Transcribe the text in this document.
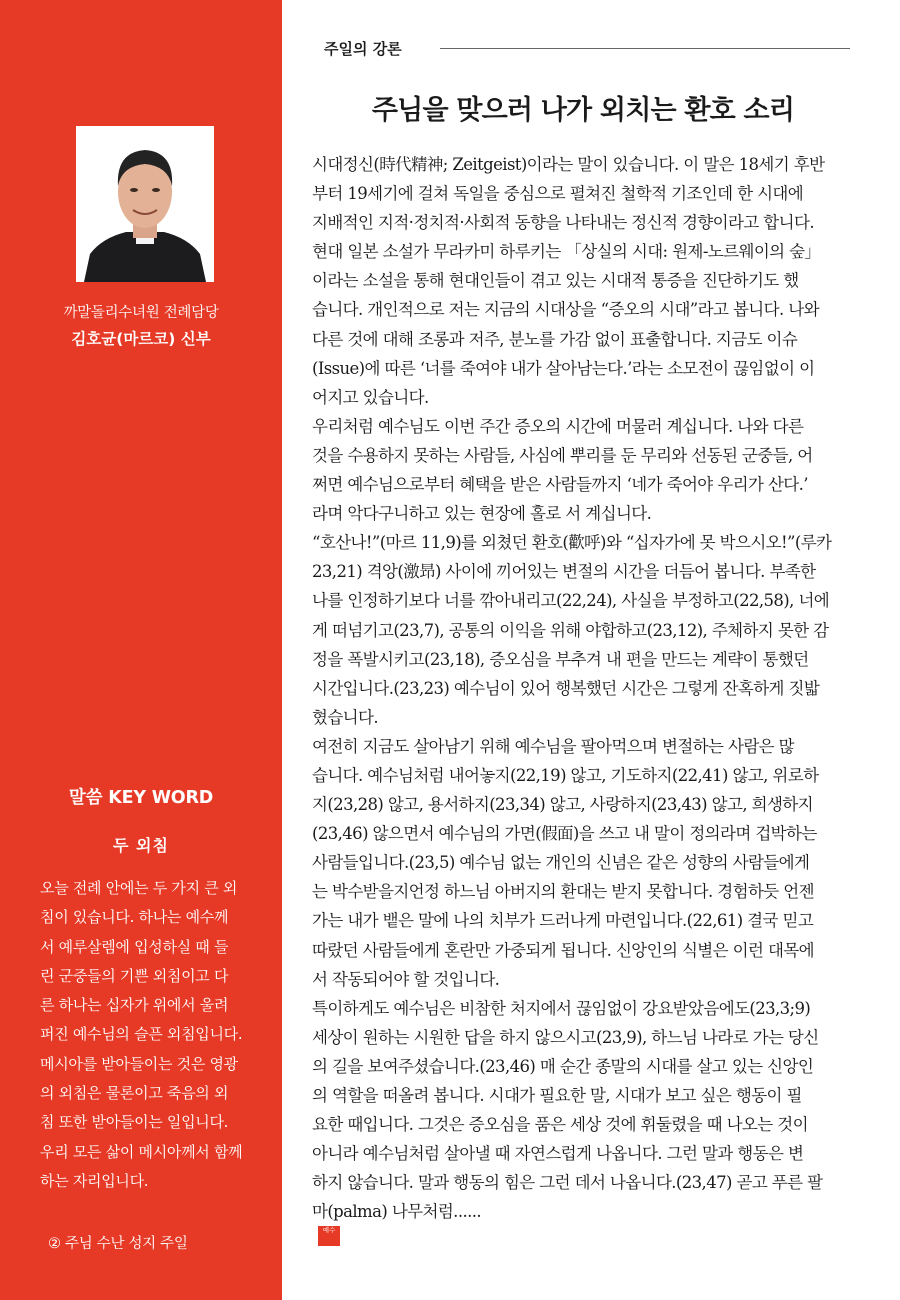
까말돌리수녀원 전례담당
김호균(마르코) 신부
말씀 KEY WORD
두 외침
오늘 전례 안에는 두 가지 큰 외
침이 있습니다. 하나는 예수께
서 예루살렘에 입성하실 때 들
린 군중들의 기쁜 외침이고 다
른 하나는 십자가 위에서 울려
퍼진 예수님의 슬픈 외침입니다.
메시아를 받아들이는 것은 영광
의 외침은 물론이고 죽음의 외
침 또한 받아들이는 일입니다.
우리 모든 삶이 메시아께서 함께
하는 자리입니다.
② 주님 수난 성지 주일
주일의 강론
주님을 맞으러 나가 외치는 환호 소리
시대정신(時代精神; Zeitgeist)이라는 말이 있습니다. 이 말은 18세기 후반
부터 19세기에 걸쳐 독일을 중심으로 펼쳐진 철학적 기조인데 한 시대에
지배적인 지적·정치적·사회적 동향을 나타내는 정신적 경향이라고 합니다.
현대 일본 소설가 무라카미 하루키는 「상실의 시대: 원제-노르웨이의 숲」
이라는 소설을 통해 현대인들이 겪고 있는 시대적 통증을 진단하기도 했
습니다. 개인적으로 저는 지금의 시대상을 “증오의 시대”라고 봅니다. 나와
다른 것에 대해 조롱과 저주, 분노를 가감 없이 표출합니다. 지금도 이슈
(Issue)에 따른 ‘너를 죽여야 내가 살아남는다.’라는 소모전이 끊임없이 이
어지고 있습니다.
우리처럼 예수님도 이번 주간 증오의 시간에 머물러 계십니다. 나와 다른
것을 수용하지 못하는 사람들, 사심에 뿌리를 둔 무리와 선동된 군중들, 어
쩌면 예수님으로부터 혜택을 받은 사람들까지 ‘네가 죽어야 우리가 산다.’
라며 악다구니하고 있는 현장에 홀로 서 계십니다.
“호산나!”(마르 11,9)를 외쳤던 환호(歡呼)와 “십자가에 못 박으시오!”(루카
23,21) 격앙(激昻) 사이에 끼어있는 변절의 시간을 더듬어 봅니다. 부족한
나를 인정하기보다 너를 깎아내리고(22,24), 사실을 부정하고(22,58), 너에
게 떠넘기고(23,7), 공통의 이익을 위해 야합하고(23,12), 주체하지 못한 감
정을 폭발시키고(23,18), 증오심을 부추겨 내 편을 만드는 계략이 통했던
시간입니다.(23,23) 예수님이 있어 행복했던 시간은 그렇게 잔혹하게 짓밟
혔습니다.
여전히 지금도 살아남기 위해 예수님을 팔아먹으며 변절하는 사람은 많
습니다. 예수님처럼 내어놓지(22,19) 않고, 기도하지(22,41) 않고, 위로하
지(23,28) 않고, 용서하지(23,34) 않고, 사랑하지(23,43) 않고, 희생하지
(23,46) 않으면서 예수님의 가면(假面)을 쓰고 내 말이 정의라며 겁박하는
사람들입니다.(23,5) 예수님 없는 개인의 신념은 같은 성향의 사람들에게
는 박수받을지언정 하느님 아버지의 환대는 받지 못합니다. 경험하듯 언젠
가는 내가 뱉은 말에 나의 치부가 드러나게 마련입니다.(22,61) 결국 믿고
따랐던 사람들에게 혼란만 가중되게 됩니다. 신앙인의 식별은 이런 대목에
서 작동되어야 할 것입니다.
특이하게도 예수님은 비참한 처지에서 끊임없이 강요받았음에도(23,3;9)
세상이 원하는 시원한 답을 하지 않으시고(23,9), 하느님 나라로 가는 당신
의 길을 보여주셨습니다.(23,46) 매 순간 종말의 시대를 살고 있는 신앙인
의 역할을 떠올려 봅니다. 시대가 필요한 말, 시대가 보고 싶은 행동이 필
요한 때입니다. 그것은 증오심을 품은 세상 것에 휘둘렸을 때 나오는 것이
아니라 예수님처럼 살아낼 때 자연스럽게 나옵니다. 그런 말과 행동은 변
하지 않습니다. 말과 행동의 힘은 그런 데서 나옵니다.(23,47) 곧고 푸른 팔
마(palma) 나무처럼......
예수
